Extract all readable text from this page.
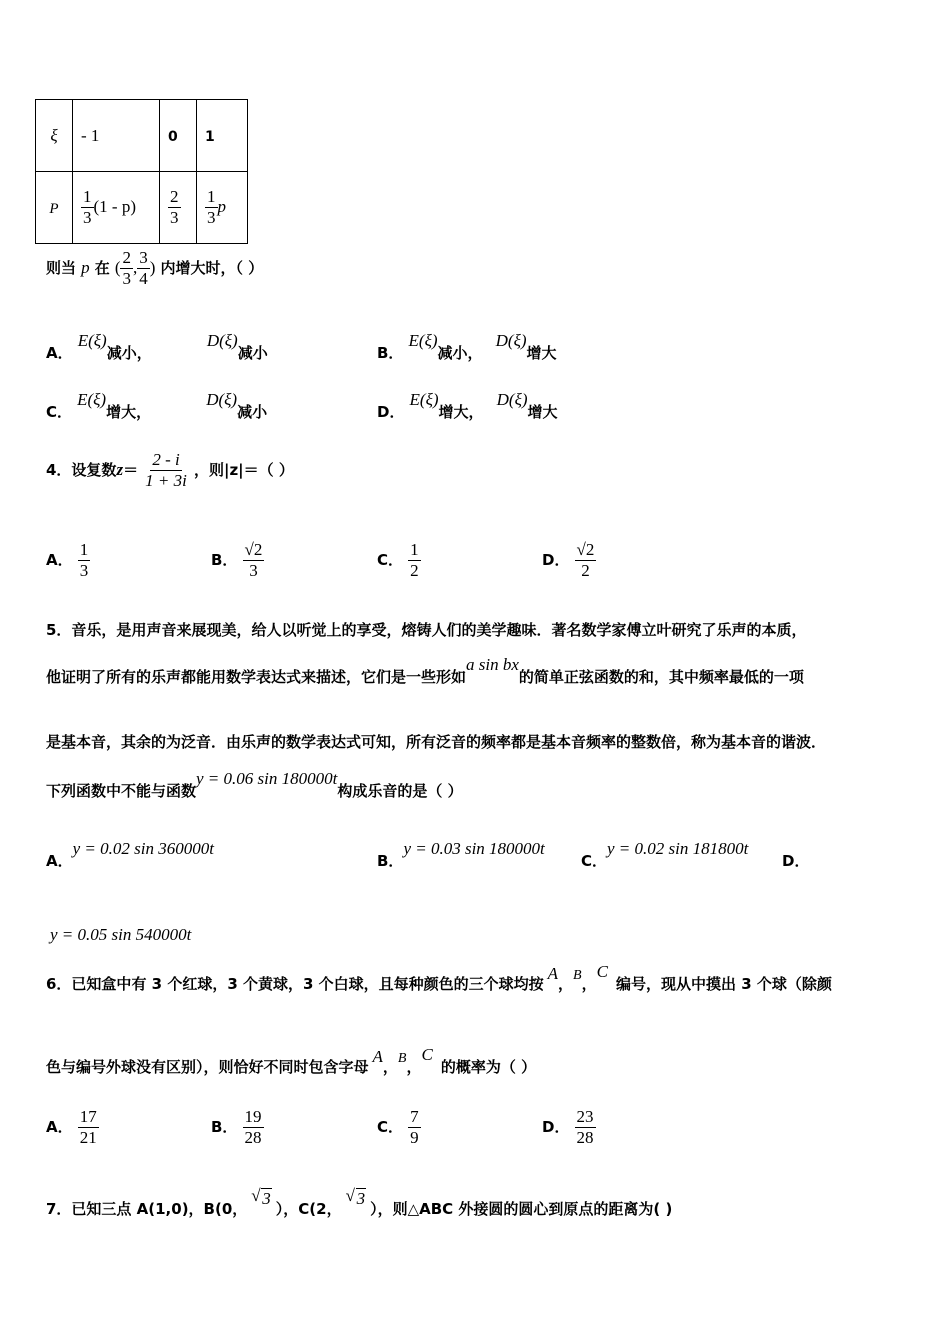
ξ	- 1	0	1
P	$\frac{1}{3} (1 - p)$	$\frac{2}{3}$	$\frac{1}{3}$ p
则当 p 在 ( $\frac{2}{3}$ , $\frac{3}{4}$ ) 内增大时，（ ）
A． E(ξ)减小， D(ξ)减小	B． E(ξ)减小， D(ξ)增大
C． E(ξ)增大， D(ξ)减小	D． E(ξ)增大， D(ξ)增大
4．设复数$z= \frac{2 - i}{1 + 3i}$ ，则|z|＝（ ）
A． $\frac{1}{3}$	B． $\frac{√2}{3}$	C． $\frac{1}{2}$	D． $\frac{√2}{2}$
5．音乐，是用声音来展现美，给人以听觉上的享受，熔铸人们的美学趣味．著名数学家傅立叶研究了乐声的本质，
他证明了所有的乐声都能用数学表达式来描述，它们是一些形如a sin bx的简单正弦函数的和，其中频率最低的一项
是基本音，其余的为泛音．由乐声的数学表达式可知，所有泛音的频率都是基本音频率的整数倍，称为基本音的谐波．
下列函数中不能与函数y = 0.06 sin 180000t构成乐音的是（ ）
A．y = 0.02 sin 360000t
B．y = 0.03 sin 180000t
C．y = 0.02 sin 181800t
D．
y = 0.05 sin 540000t
6．已知盒中有 3 个红球，3 个黄球，3 个白球，且每种颜色的三个球均按A，B，C编号，现从中摸出 3 个球（除颜
色与编号外球没有区别），则恰好不同时包含字母A，B，C的概率为（ ）
A． $\frac{17}{21}$	B． $\frac{19}{28}$	C． $\frac{7}{9}$	D． $\frac{23}{28}$
7．已知三点 A(1,0)，B(0，
√ 3），C(2，
√ 3），则△ABC 外接圆的圆心到原点的距离为( )
